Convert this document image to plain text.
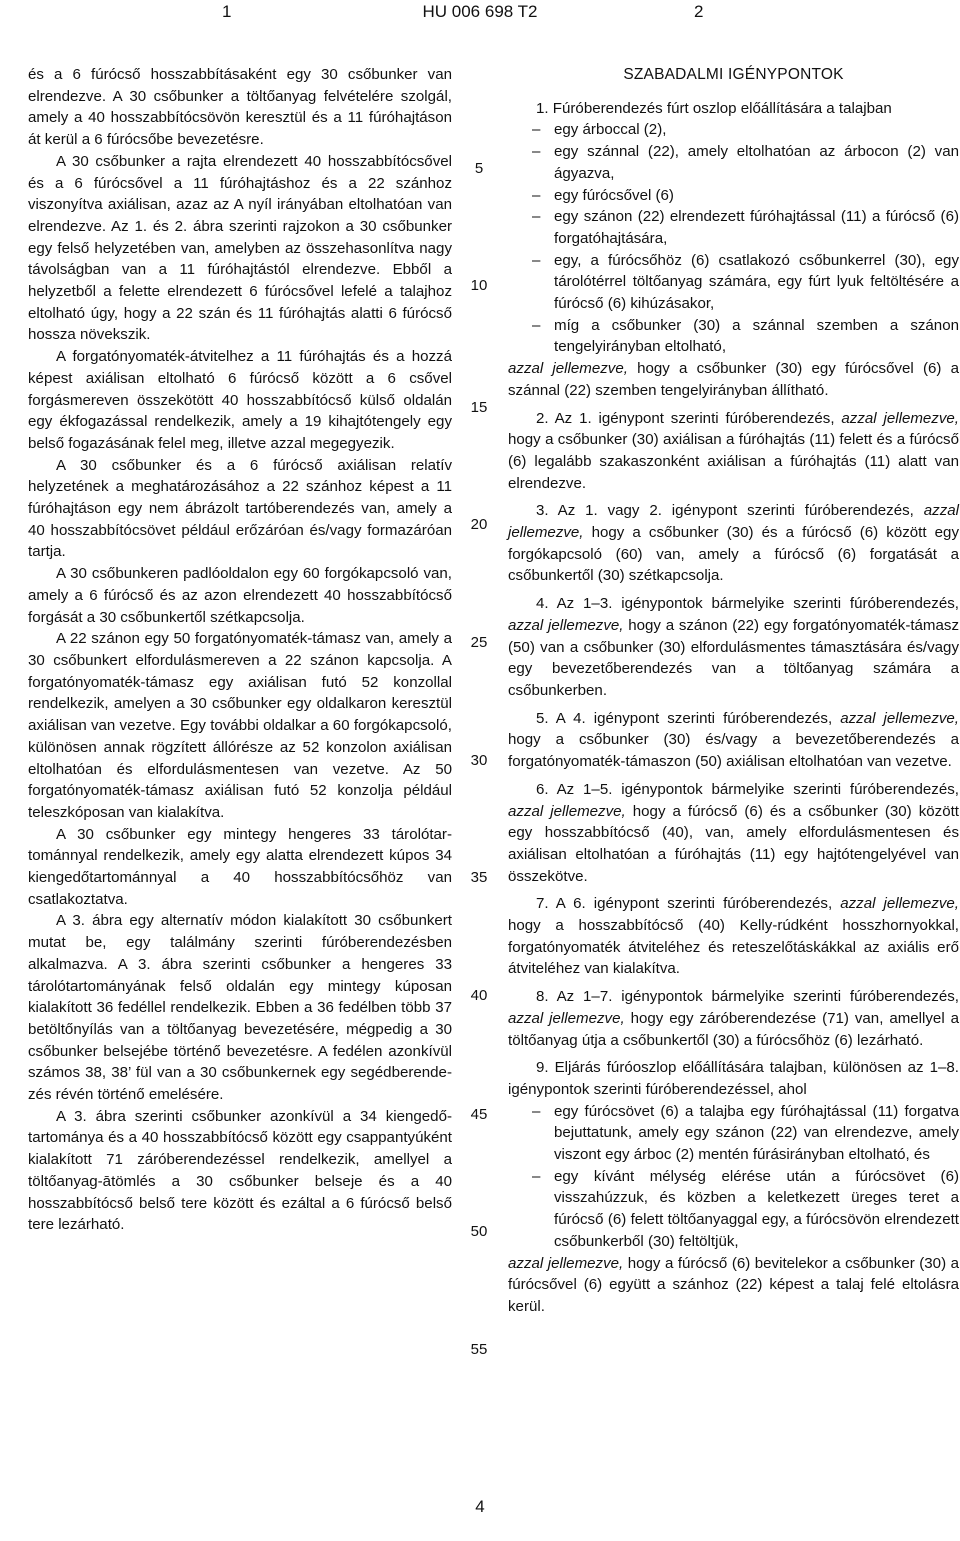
1	HU 006 698 T2	2

és a 6 fúrócső hosszabbításaként egy 30 csőbunker van elrendezve. A 30 csőbunker a töltőanyag felvételére szolgál, amely a 40 hosszabbítócsövön keresztül és a 11 fúróhajtáson át kerül a 6 fúrócsőbe bevezetésre.

A 30 csőbunker a rajta elrendezett 40 hosszabbítócsővel és a 6 fúrócsővel a 11 fúróhajtáshoz és a 22 szánhoz viszonyítva axiálisan, azaz az A nyíl irányában eltolhatóan van elrendezve. Az 1. és 2. ábra szerinti rajzokon a 30 csőbunker egy felső helyzetében van, amelyben az összehasonlítva nagy távolságban van a 11 fúróhajtástól elrendezve. Ebből a helyzetből a felette elrendezett 6 fúrócsővel lefelé a talajhoz eltolható úgy, hogy a 22 szán és 11 fúróhajtás alatti 6 fúrócső hossza növekszik.

A forgatónyomaték-átvitelhez a 11 fúróhajtás és a hozzá képest axiálisan eltolható 6 fúrócső között a 6 csővel forgásmereven összekötött 40 hosszabbítócső külső oldalán egy ékfogazással rendelkezik, amely a 19 kihajtótengely egy belső fogazásának felel meg, illetve azzal megegyezik.

A 30 csőbunker és a 6 fúrócső axiálisan relatív helyzetének a meghatározásához a 22 szánhoz képest a 11 fúróhajtáson egy nem ábrázolt tartóberendezés van, amely a 40 hosszabbítócsövet például erőzáróan és/vagy formazáróan tartja.

A 30 csőbunkeren padlóoldalon egy 60 forgókapcsoló van, amely a 6 fúrócső és az azon elrendezett 40 hosszabbítócső forgását a 30 csőbunkertől szétkapcsolja.

A 22 szánon egy 50 forgatónyomaték-támasz van, amely a 30 csőbunkert elfordulásmereven a 22 szánon kapcsolja. A forgatónyomaték-támasz egy axiálisan futó 52 konzollal rendelkezik, amelyen a 30 csőbunker egy oldalkaron keresztül axiálisan van vezetve. Egy további oldalkar a 60 forgókapcsoló, különösen annak rögzített állórésze az 52 konzolon axiálisan eltolhatóan és elfordulásmentesen van vezetve. Az 50 forgatónyomaték-támasz axiálisan futó 52 konzolja például teleszkóposan van kialakítva.

A 30 csőbunker egy mintegy hengeres 33 tárolótartománnyal rendelkezik, amely egy alatta elrendezett kúpos 34 kiengedőtartománnyal a 40 hosszabbítócsőhöz van csatlakoztatva.

A 3. ábra egy alternatív módon kialakított 30 csőbunkert mutat be, egy találmány szerinti fúróberendezésben alkalmazva. A 3. ábra szerinti csőbunker a hengeres 33 tárolótartományának felső oldalán egy mintegy kúposan kialakított 36 fedéllel rendelkezik. Ebben a 36 fedélben több 37 betöltőnyílás van a töltőanyag bevezetésére, mégpedig a 30 csőbunker belsejébe történő bevezetésre. A fedélen azonkívül számos 38, 38’ fül van a 30 csőbunkernek egy segédberendezés révén történő emelésére.

A 3. ábra szerinti csőbunker azonkívül a 34 kiengedőtartománya és a 40 hosszabbítócső között egy csappantyúként kialakított 71 záróberendezéssel rendelkezik, amellyel a töltőanyag-ātömlés a 30 csőbunker belseje és a 40 hosszabbítócső belső tere között és ezáltal a 6 fúrócső belső tere lezárható.

5
10
15
20
25
30
35
40
45
50
55
SZABADALMI IGÉNYPONTOK

1. Fúróberendezés fúrt oszlop előállítására a talajban

– egy árboccal (2),

– egy szánnal (22), amely eltolhatóan az árbocon (2) van ágyazva,

– egy fúrócsővel (6)

– egy szánon (22) elrendezett fúróhajtással (11) a fúrócső (6) forgatóhajtására,

– egy, a fúrócsőhöz (6) csatlakozó csőbunkerrel (30), egy tárolótérrel töltőanyag számára, egy fúrt lyuk feltöltésére a fúrócső (6) kihúzásakor,

– míg a csőbunker (30) a szánnal szemben a szánon tengelyirányban eltolható,

azzal jellemezve, hogy a csőbunker (30) egy fúrócsővel (6) a szánnal (22) szemben tengelyirányban állítható.

2. Az 1. igénypont szerinti fúróberendezés, azzal jellemezve, hogy a csőbunker (30) axiálisan a fúróhajtás (11) felett és a fúrócső (6) legalább szakaszonként axiálisan a fúróhajtás (11) alatt van elrendezve.

3. Az 1. vagy 2. igénypont szerinti fúróberendezés, azzal jellemezve, hogy a csőbunker (30) és a fúrócső (6) között egy forgókapcsoló (60) van, amely a fúrócső (6) forgatását a csőbunkertől (30) szétkapcsolja.

4. Az 1–3. igénypontok bármelyike szerinti fúróberendezés, azzal jellemezve, hogy a szánon (22) egy forgatónyomaték-támasz (50) van a csőbunker (30) elfordulásmentes támasztására és/vagy egy bevezetőberendezés van a töltőanyag számára a csőbunkerben.

5. A 4. igénypont szerinti fúróberendezés, azzal jellemezve, hogy a csőbunker (30) és/vagy a bevezetőberendezés a forgatónyomaték-támaszon (50) axiálisan eltolhatóan van vezetve.

6. Az 1–5. igénypontok bármelyike szerinti fúróberendezés, azzal jellemezve, hogy a fúrócső (6) és a csőbunker (30) között egy hosszabbítócső (40), van, amely elfordulásmentesen és axiálisan eltolhatóan a fúróhajtás (11) egy hajtótengelyével van összekötve.

7. A 6. igénypont szerinti fúróberendezés, azzal jellemezve, hogy a hosszabbítócső (40) Kelly-rúdként hosszhornyokkal, forgatónyomaték átviteléhez és reteszelőtáskákkal az axiális erő átviteléhez van kialakítva.

8. Az 1–7. igénypontok bármelyike szerinti fúróberendezés, azzal jellemezve, hogy egy záróberendezése (71) van, amellyel a töltőanyag útja a csőbunkertől (30) a fúrócsőhöz (6) lezárható.

9. Eljárás fúróoszlop előállítására talajban, különösen az 1–8. igénypontok szerinti fúróberendezéssel, ahol

– egy fúrócsövet (6) a talajba egy fúróhajtással (11) forgatva bejuttatunk, amely egy szánon (22) van elrendezve, amely viszont egy árboc (2) mentén fúrásirányban eltolható, és

– egy kívánt mélység elérése után a fúrócsövet (6) visszahúzzuk, és közben a keletkezett üreges teret a fúrócső (6) felett töltőanyaggal egy, a fúrócsövön elrendezett csőbunkerből (30) feltöltjük,

azzal jellemezve, hogy a fúrócső (6) bevitelekor a csőbunker (30) a fúrócsővel (6) együtt a szánhoz (22) képest a talaj felé eltolásra kerül.

4
